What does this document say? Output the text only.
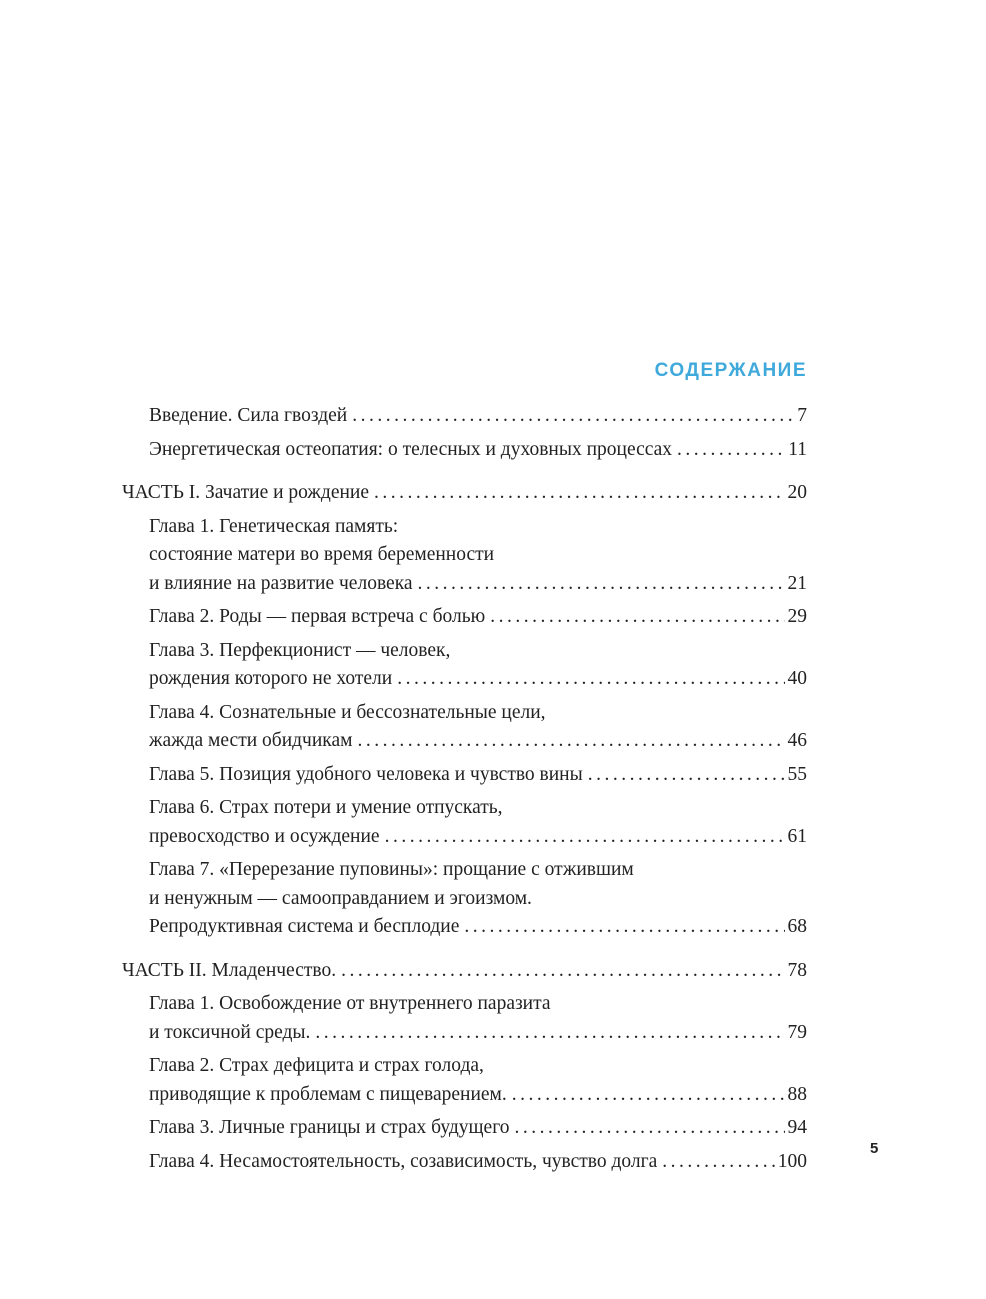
СОДЕРЖАНИЕ
Введение. Сила гвоздей .....	7
Энергетическая остеопатия: о телесных и духовных процессах .....	11
ЧАСТЬ I. Зачатие и рождение .....	20
Глава 1. Генетическая память:
состояние матери во время беременности
и влияние на развитие человека .....	21
Глава 2. Роды — первая встреча с болью .....	29
Глава 3. Перфекционист — человек,
рождения которого не хотели .....	40
Глава 4. Сознательные и бессознательные цели,
жажда мести обидчикам .....	46
Глава 5. Позиция удобного человека и чувство вины .....	55
Глава 6. Страх потери и умение отпускать,
превосходство и осуждение .....	61
Глава 7. «Перерезание пуповины»: прощание с отжившим
и ненужным — самооправданием и эгоизмом.
Репродуктивная система и бесплодие .....	68
ЧАСТЬ II. Младенчество. .....	78
Глава 1. Освобождение от внутреннего паразита
и токсичной среды. .....	79
Глава 2. Страх дефицита и страх голода,
приводящие к проблемам с пищеварением. .....	88
Глава 3. Личные границы и страх будущего .....	94
Глава 4. Несамостоятельность, созависимость, чувство долга .....	100
5
